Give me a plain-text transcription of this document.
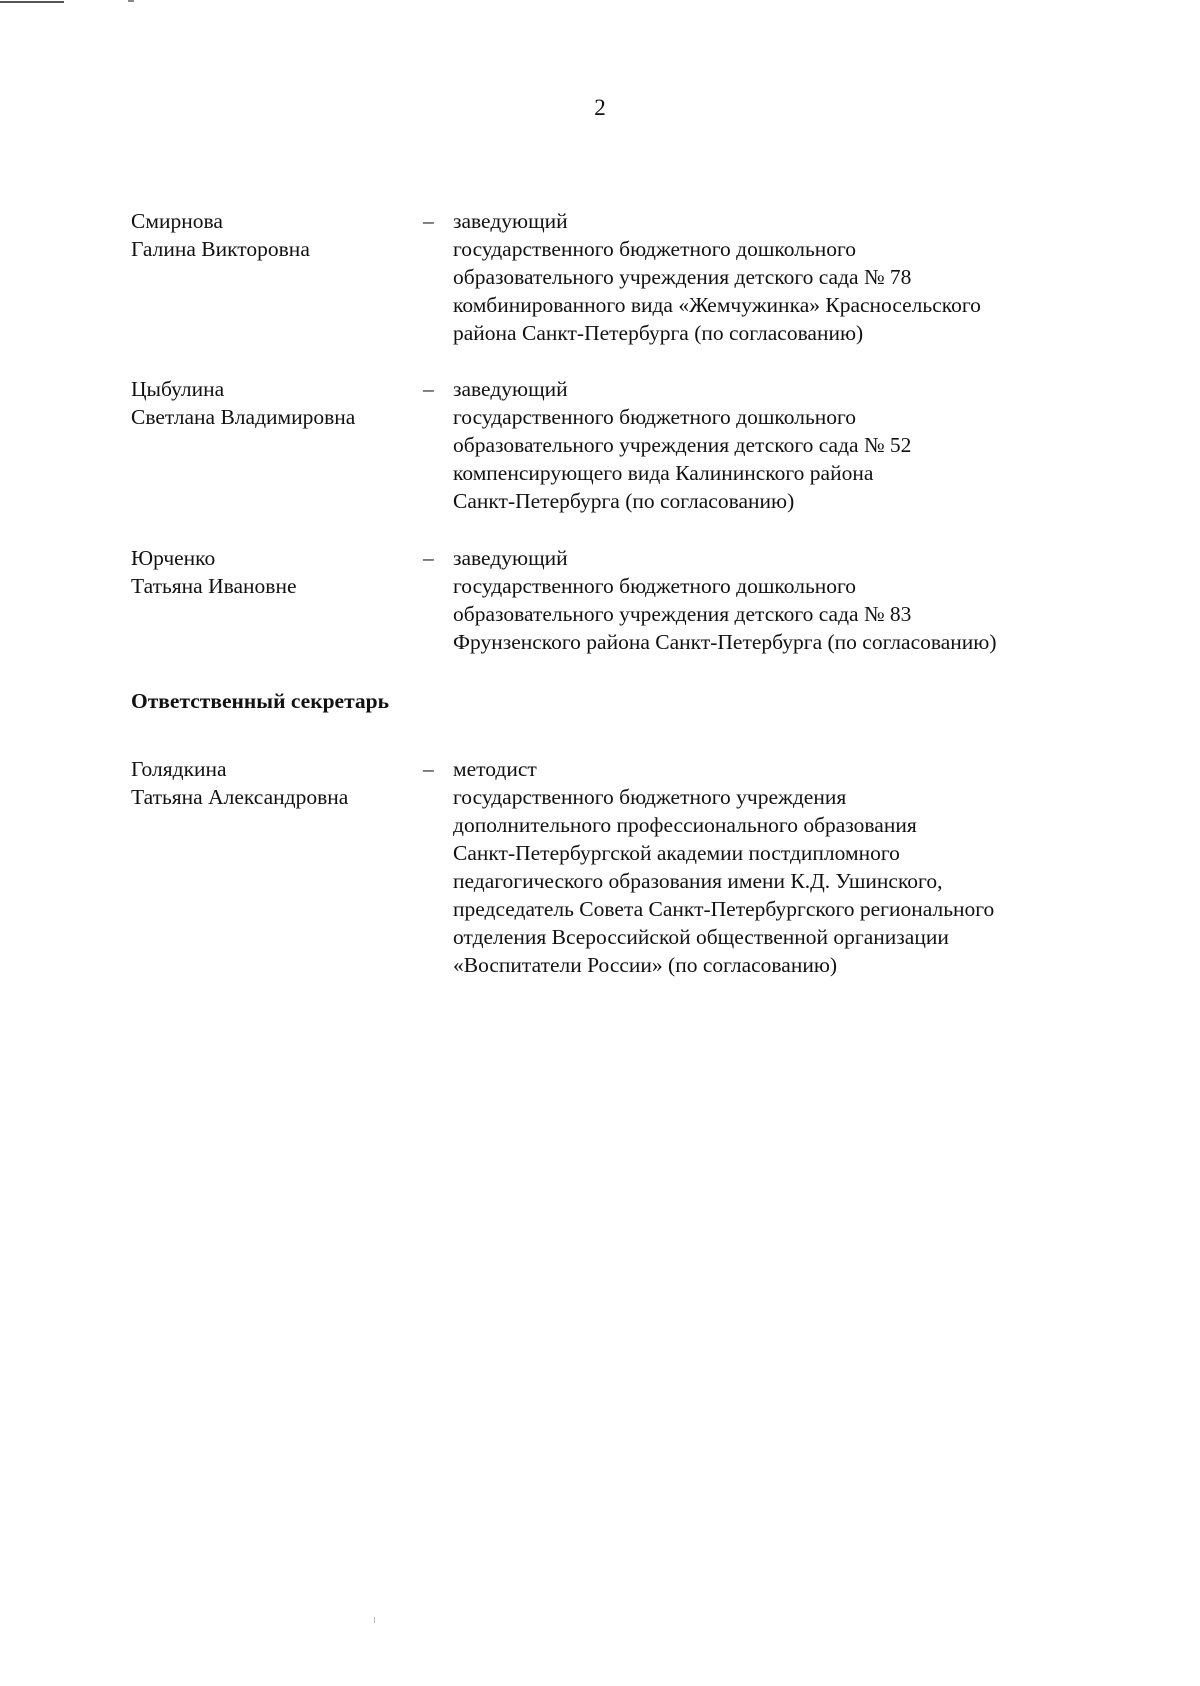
2
Смирнова
Галина Викторовна
– заведующий
государственного бюджетного дошкольного
образовательного учреждения детского сада № 78
комбинированного вида «Жемчужинка» Красносельского
района Санкт-Петербурга (по согласованию)
Цыбулина
Светлана Владимировна
– заведующий
государственного бюджетного дошкольного
образовательного учреждения детского сада № 52
компенсирующего вида Калининского района
Санкт-Петербурга (по согласованию)
Юрченко
Татьяна Ивановне
– заведующий
государственного бюджетного дошкольного
образовательного учреждения детского сада № 83
Фрунзенского района Санкт-Петербурга (по согласованию)
Ответственный секретарь
Голядкина
Татьяна Александровна
– методист
государственного бюджетного учреждения
дополнительного профессионального образования
Санкт-Петербургской академии постдипломного
педагогического образования имени К.Д. Ушинского,
председатель Совета Санкт-Петербургского регионального
отделения Всероссийской общественной организации
«Воспитатели России» (по согласованию)
